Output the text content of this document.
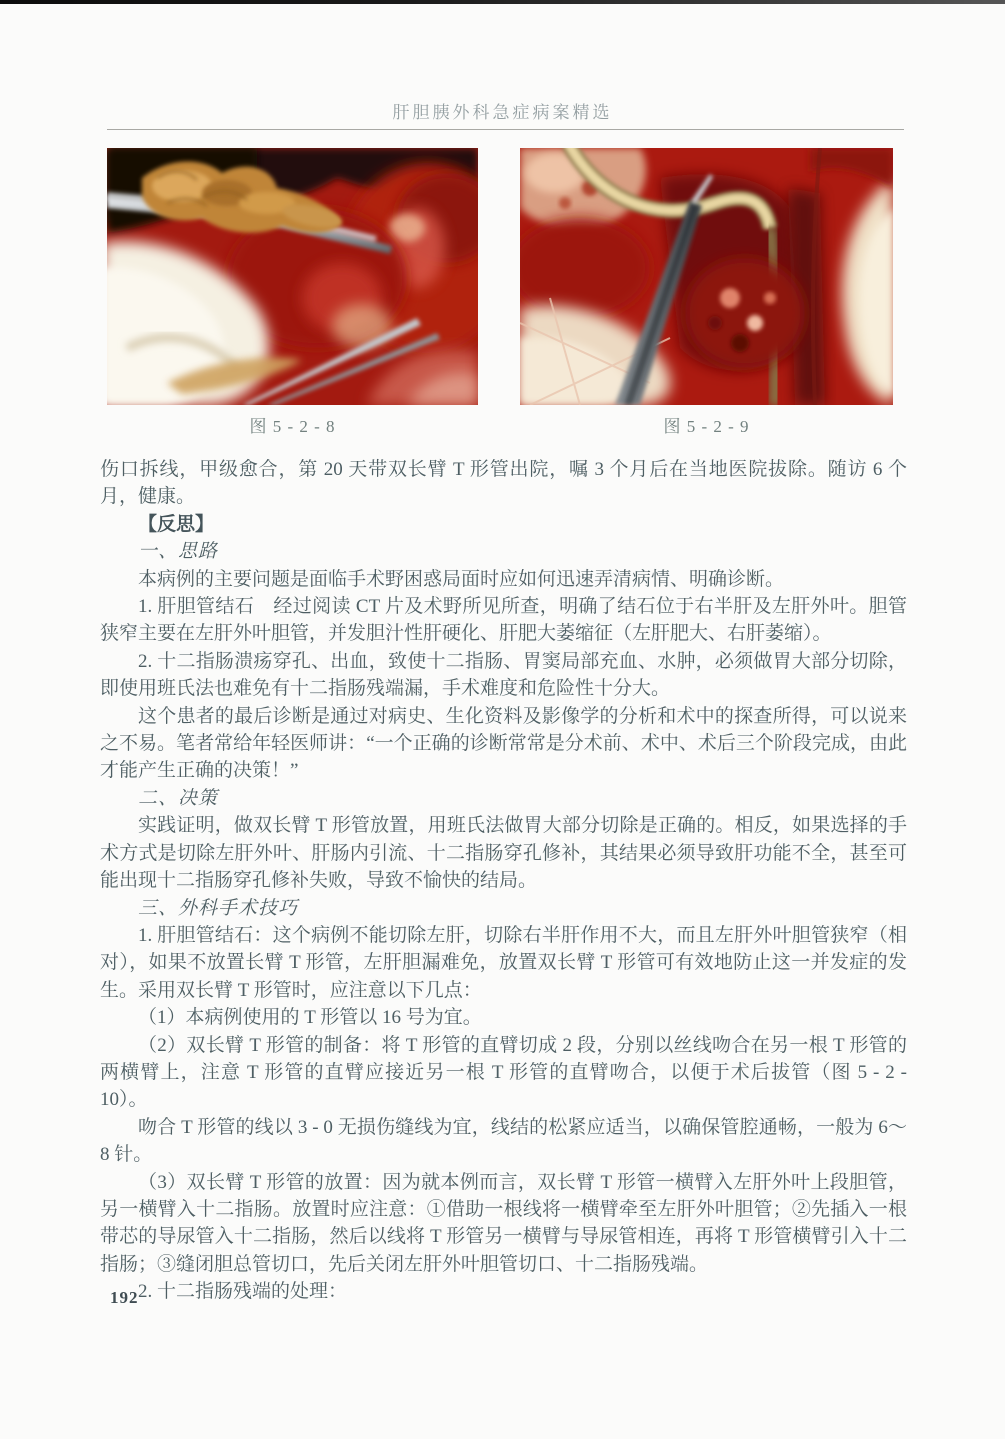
肝胆胰外科急症病案精选
图 5 - 2 - 8	图 5 - 2 - 9

伤口拆线，甲级愈合，第 20 天带双长臂 T 形管出院，嘱 3 个月后在当地医院拔除。随访 6 个月，健康。

【反思】

一、思路

本病例的主要问题是面临手术野困惑局面时应如何迅速弄清病情、明确诊断。

1. 肝胆管结石　经过阅读 CT 片及术野所见所查，明确了结石位于右半肝及左肝外叶。胆管狭窄主要在左肝外叶胆管，并发胆汁性肝硬化、肝肥大萎缩征（左肝肥大、右肝萎缩）。

2. 十二指肠溃疡穿孔、出血，致使十二指肠、胃窦局部充血、水肿，必须做胃大部分切除，即使用班氏法也难免有十二指肠残端漏，手术难度和危险性十分大。

这个患者的最后诊断是通过对病史、生化资料及影像学的分析和术中的探查所得，可以说来之不易。笔者常给年轻医师讲：“一个正确的诊断常常是分术前、术中、术后三个阶段完成，由此才能产生正确的决策！”

二、决策

实践证明，做双长臂 T 形管放置，用班氏法做胃大部分切除是正确的。相反，如果选择的手术方式是切除左肝外叶、肝肠内引流、十二指肠穿孔修补，其结果必须导致肝功能不全，甚至可能出现十二指肠穿孔修补失败，导致不愉快的结局。

三、外科手术技巧

1. 肝胆管结石：这个病例不能切除左肝，切除右半肝作用不大，而且左肝外叶胆管狭窄（相对），如果不放置长臂 T 形管，左肝胆漏难免，放置双长臂 T 形管可有效地防止这一并发症的发生。采用双长臂 T 形管时，应注意以下几点：

（1）本病例使用的 T 形管以 16 号为宜。

（2）双长臂 T 形管的制备：将 T 形管的直臂切成 2 段，分别以丝线吻合在另一根 T 形管的两横臂上，注意 T 形管的直臂应接近另一根 T 形管的直臂吻合，以便于术后拔管（图 5 - 2 - 10）。

吻合 T 形管的线以 3 - 0 无损伤缝线为宜，线结的松紧应适当，以确保管腔通畅，一般为 6～8 针。

（3）双长臂 T 形管的放置：因为就本例而言，双长臂 T 形管一横臂入左肝外叶上段胆管，另一横臂入十二指肠。放置时应注意：①借助一根线将一横臂牵至左肝外叶胆管；②先插入一根带芯的导尿管入十二指肠，然后以线将 T 形管另一横臂与导尿管相连，再将 T 形管横臂引入十二指肠；③缝闭胆总管切口，先后关闭左肝外叶胆管切口、十二指肠残端。

2. 十二指肠残端的处理：

192
